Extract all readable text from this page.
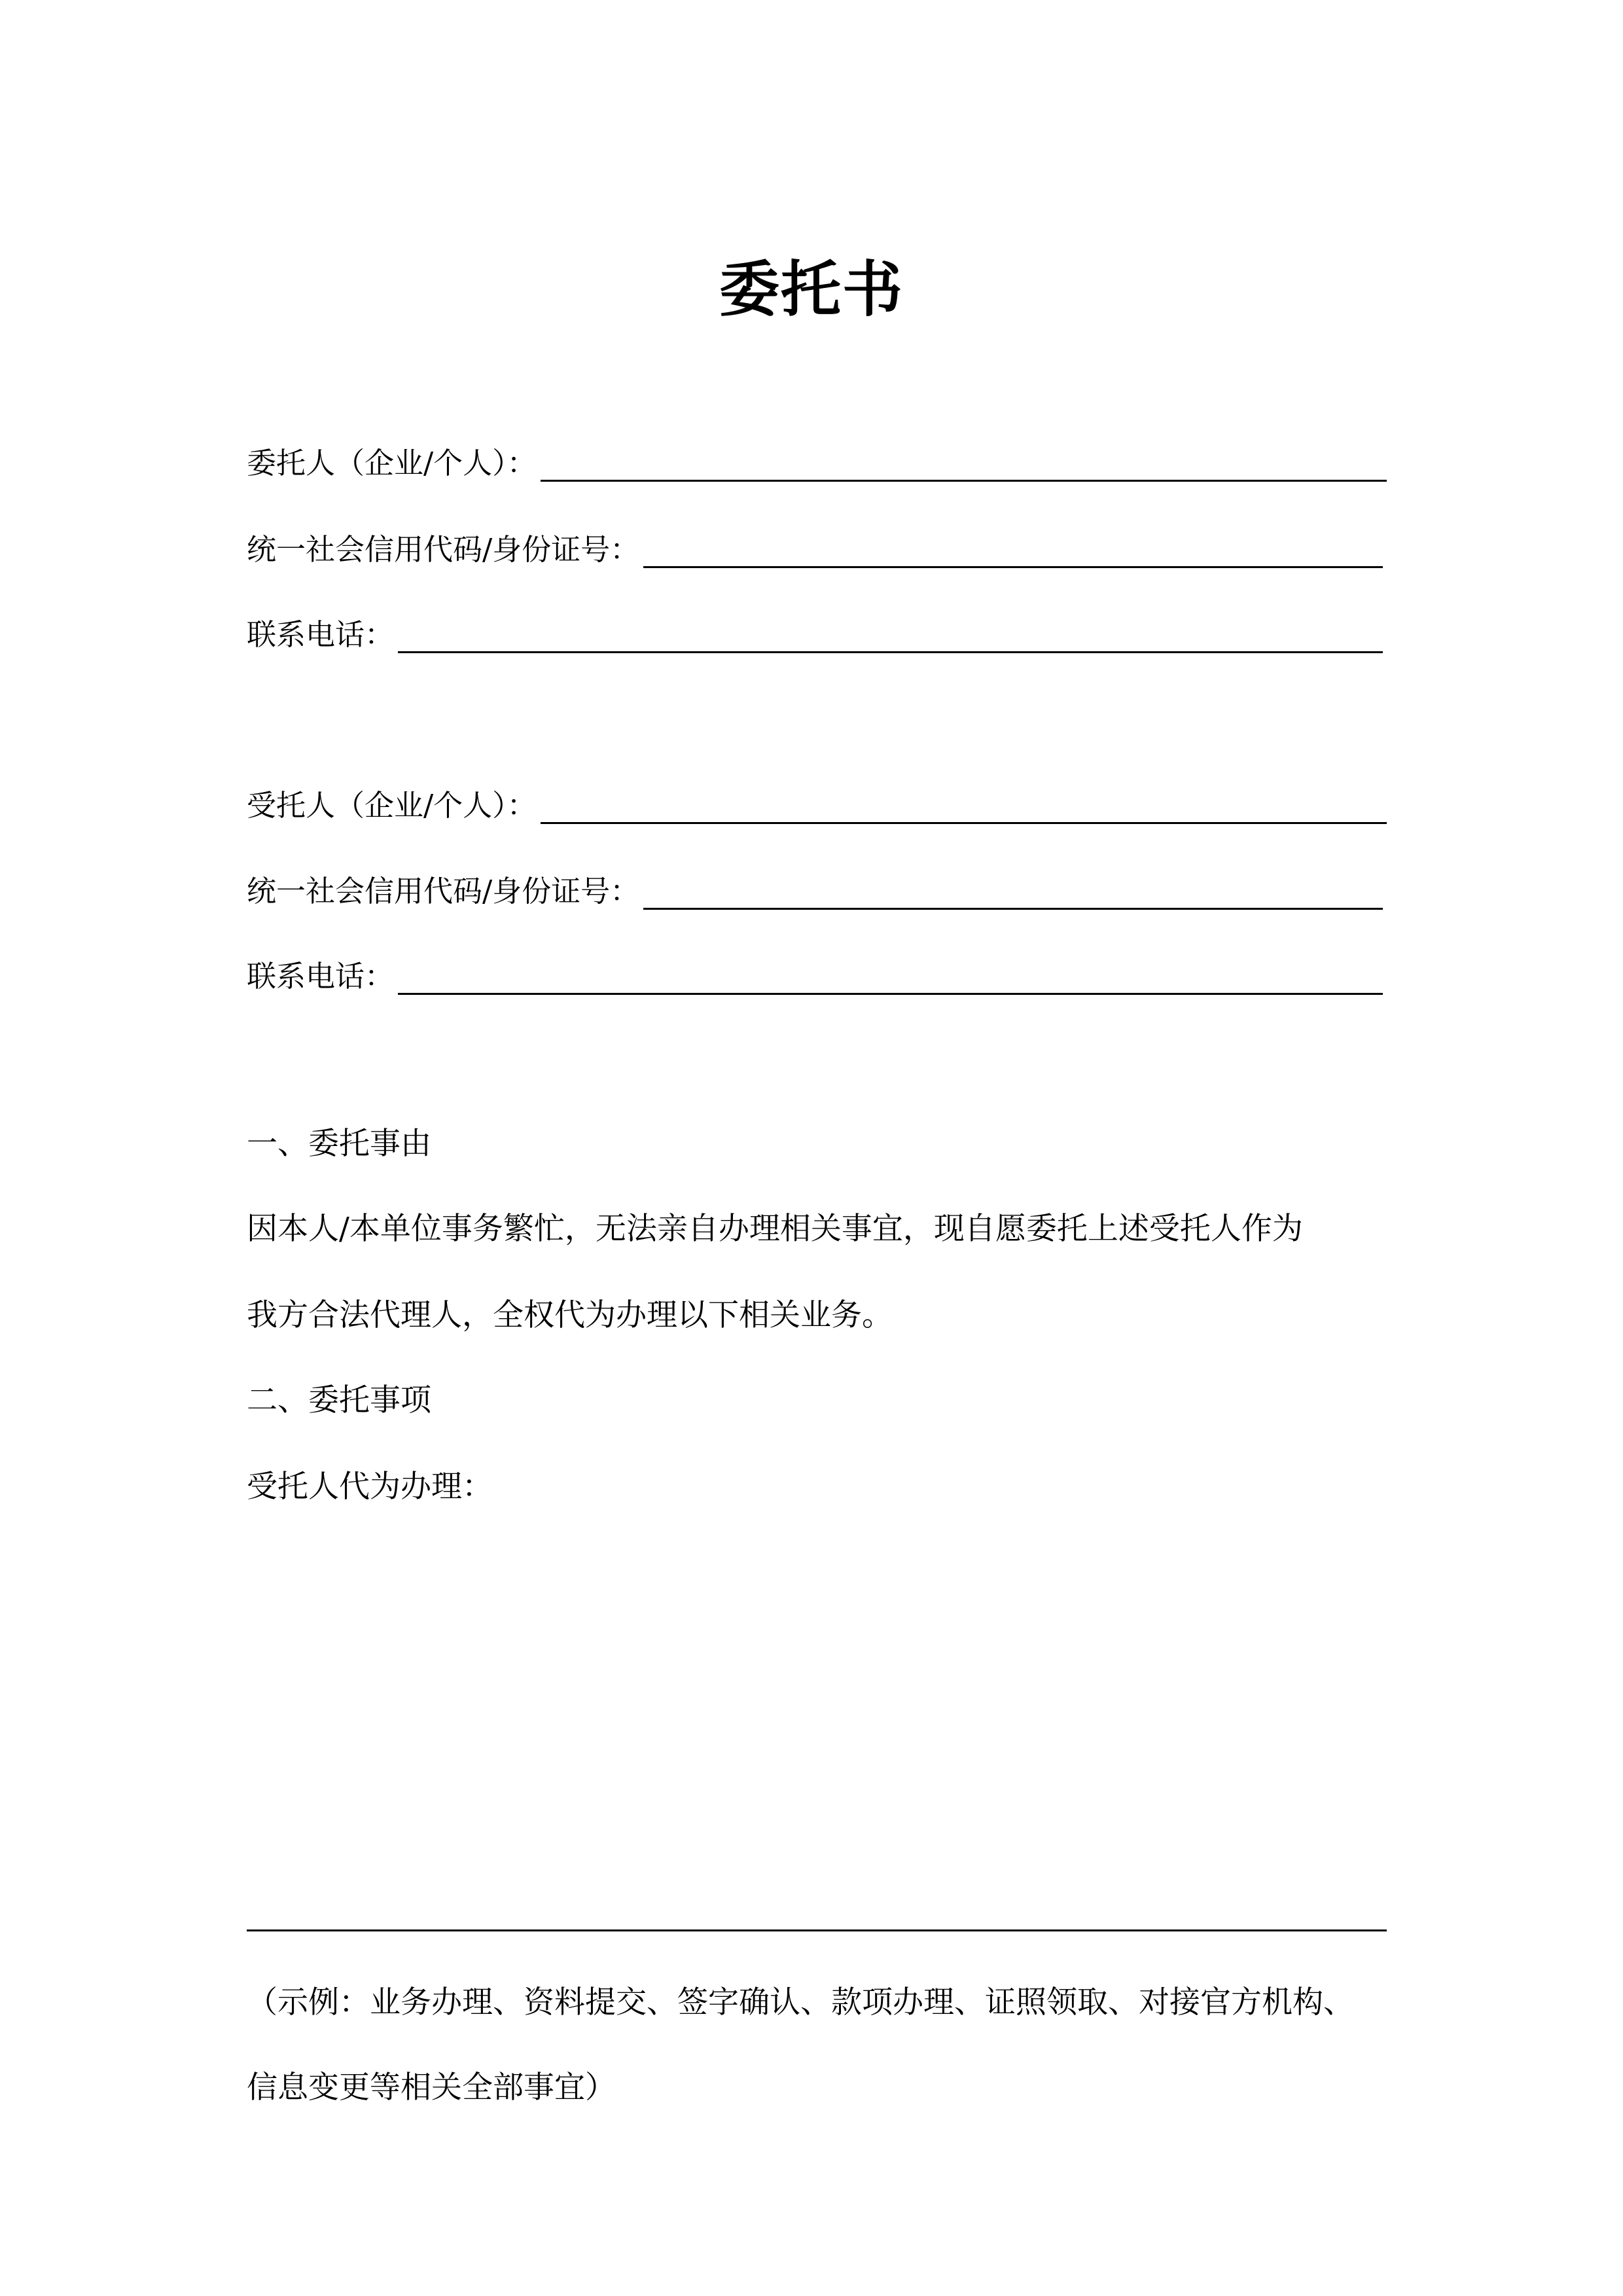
委托书
委托人（企业/个人）：
统一社会信用代码/身份证号：
联系电话：
受托人（企业/个人）：
统一社会信用代码/身份证号：
联系电话：
一、委托事由
因本人/本单位事务繁忙，无法亲自办理相关事宜，现自愿委托上述受托人作为
我方合法代理人，全权代为办理以下相关业务。
二、委托事项
受托人代为办理：
（示例：业务办理、资料提交、签字确认、款项办理、证照领取、对接官方机构、
信息变更等相关全部事宜）
